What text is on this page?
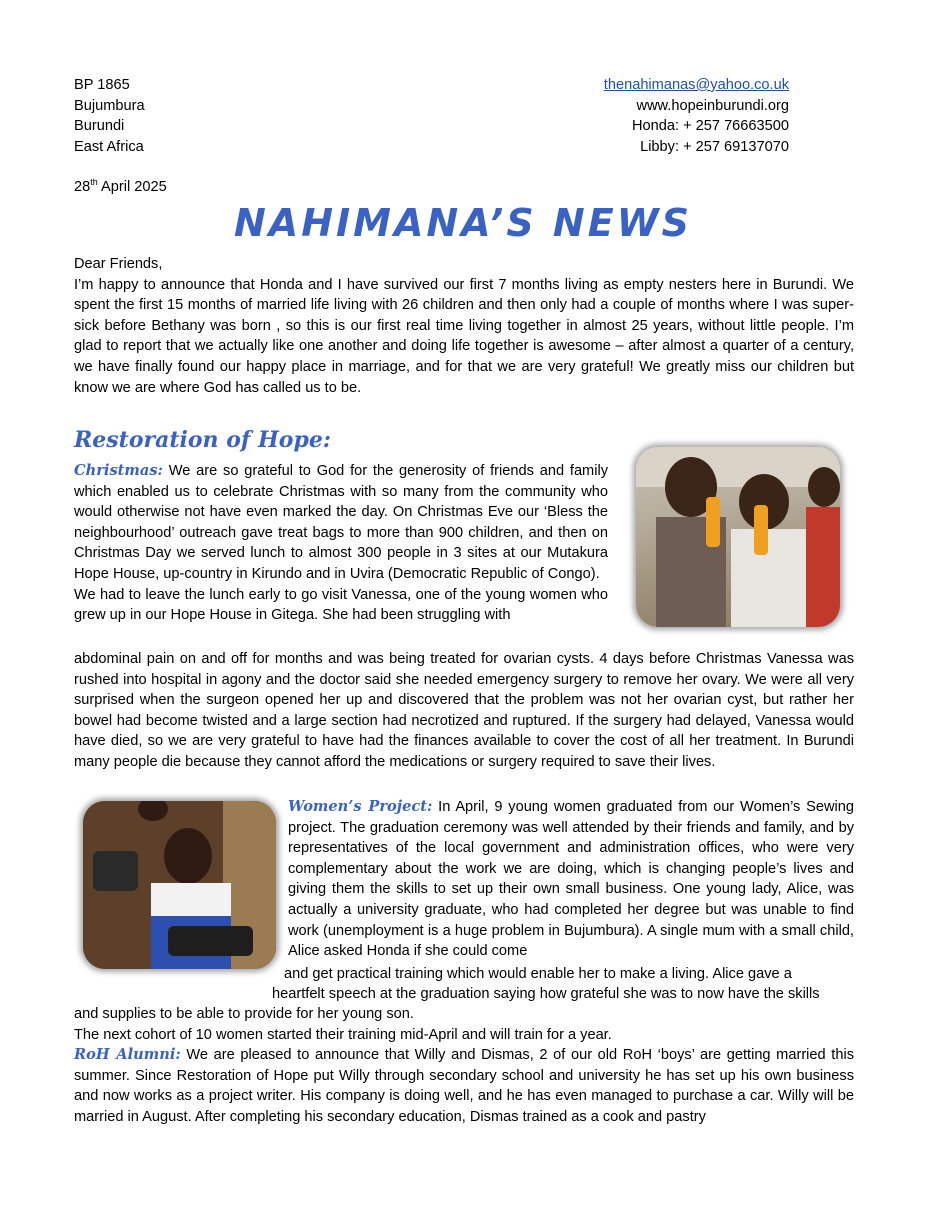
BP 1865
Bujumbura
Burundi
East Africa
thenahimanas@yahoo.co.uk
www.hopeinburundi.org
Honda: + 257 76663500
Libby: + 257 69137070
28th April 2025
NAHIMANA’S NEWS

Dear Friends,

I’m happy to announce that Honda and I have survived our first 7 months living as empty nesters here in Burundi. We spent the first 15 months of married life living with 26 children and then only had a couple of months where I was super-sick before Bethany was born , so this is our first real time living together in almost 25 years, without little people. I’m glad to report that we actually like one another and doing life together is awesome – after almost a quarter of a century, we have finally found our happy place in marriage, and for that we are very grateful! We greatly miss our children but know we are where God has called us to be.

Restoration of Hope:

Christmas: We are so grateful to God for the generosity of friends and family which enabled us to celebrate Christmas with so many from the community who would otherwise not have even marked the day. On Christmas Eve our ‘Bless the neighbourhood’ outreach gave treat bags to more than 900 children, and then on Christmas Day we served lunch to almost 300 people in 3 sites at our Mutakura Hope House, up-country in Kirundo and in Uvira (Democratic Republic of Congo).

We had to leave the lunch early to go visit Vanessa, one of the young women who grew up in our Hope House in Gitega. She had been struggling with

abdominal pain on and off for months and was being treated for ovarian cysts. 4 days before Christmas Vanessa was rushed into hospital in agony and the doctor said she needed emergency surgery to remove her ovary. We were all very surprised when the surgeon opened her up and discovered that the problem was not her ovarian cyst, but rather her bowel had become twisted and a large section had necrotized and ruptured. If the surgery had delayed, Vanessa would have died, so we are very grateful to have had the finances available to cover the cost of all her treatment. In Burundi many people die because they cannot afford the medications or surgery required to save their lives.

Women’s Project: In April, 9 young women graduated from our Women’s Sewing project. The graduation ceremony was well attended by their friends and family, and by representatives of the local government and administration offices, who were very complementary about the work we are doing, which is changing people’s lives and giving them the skills to set up their own small business. One young lady, Alice, was actually a university graduate, who had completed her degree but was unable to find work (unemployment is a huge problem in Bujumbura). A single mum with a small child, Alice asked Honda if she could come

and get practical training which would enable her to make a living. Alice gave a
heartfelt speech at the graduation saying how grateful she was to now have the skills

and supplies to be able to provide for her young son.

The next cohort of 10 women started their training mid-April and will train for a year.

RoH Alumni: We are pleased to announce that Willy and Dismas, 2 of our old RoH ‘boys’ are getting married this summer. Since Restoration of Hope put Willy through secondary school and university he has set up his own business and now works as a project writer. His company is doing well, and he has even managed to purchase a car. Willy will be married in August. After completing his secondary education, Dismas trained as a cook and pastry
